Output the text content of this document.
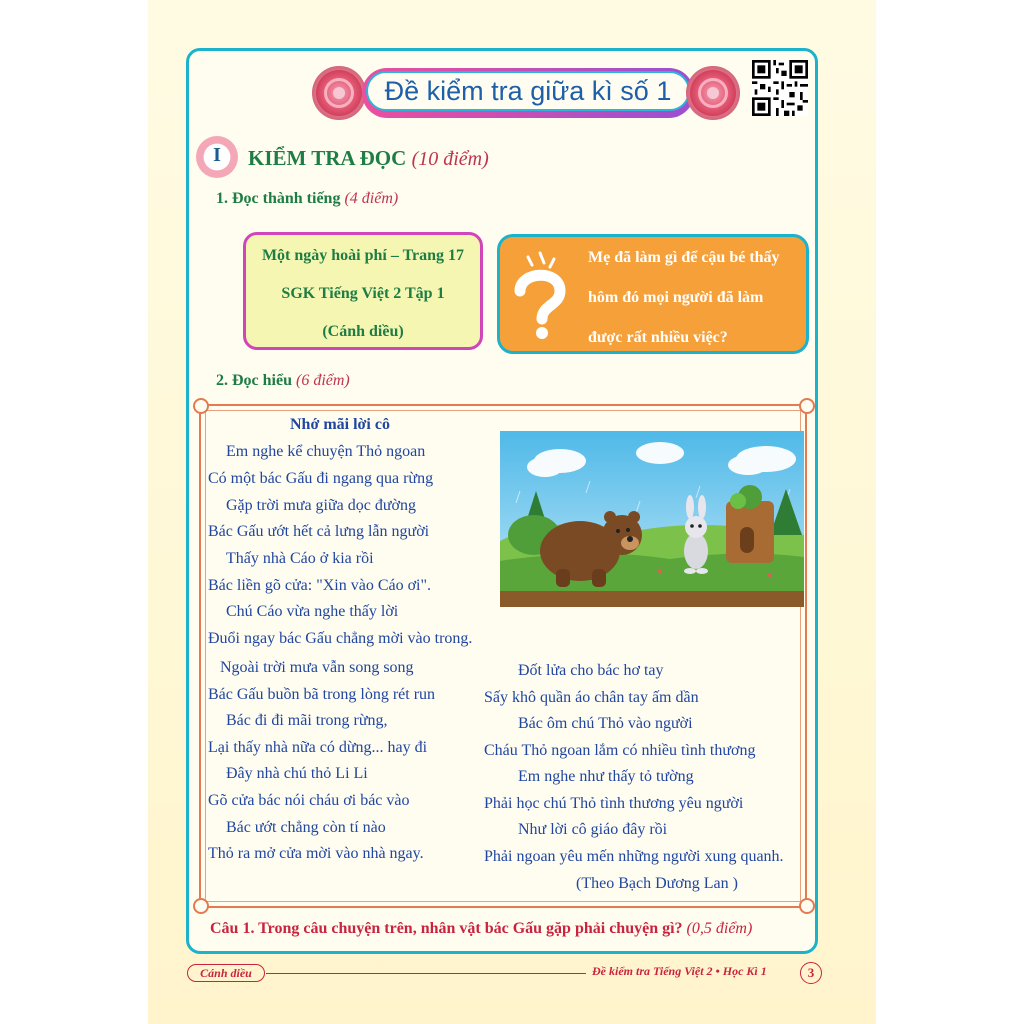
Đề kiểm tra giữa kì số 1
I	KIỂM TRA ĐỌC (10 điểm)
1. Đọc thành tiếng (4 điểm)
Một ngày hoài phí – Trang 17
SGK Tiếng Việt 2 Tập 1
(Cánh diều)
Mẹ đã làm gì để cậu bé thấy
hôm đó mọi người đã làm
được rất nhiều việc?
2. Đọc hiểu (6 điểm)
Nhớ mãi lời cô
Em nghe kể chuyện Thỏ ngoan
Có một bác Gấu đi ngang qua rừng
Gặp trời mưa giữa dọc đường
Bác Gấu ướt hết cả lưng lẫn người
Thấy nhà Cáo ở kia rồi
Bác liền gõ cửa: "Xin vào Cáo ơi".
Chú Cáo vừa nghe thấy lời
Đuổi ngay bác Gấu chẳng mời vào trong.
Ngoài trời mưa vẫn song song
Bác Gấu buồn bã trong lòng rét run
Bác đi đi mãi trong rừng,
Lại thấy nhà nữa có dừng... hay đi
Đây nhà chú thỏ Li Li
Gõ cửa bác nói cháu ơi bác vào
Bác ướt chẳng còn tí nào
Thỏ ra mở cửa mời vào nhà ngay.
Đốt lửa cho bác hơ tay
Sấy khô quần áo chân tay ấm dần
Bác ôm chú Thỏ vào người
Cháu Thỏ ngoan lắm có nhiều tình thương
Em nghe như thấy tỏ tường
Phải học chú Thỏ tình thương yêu người
Như lời cô giáo đây rồi
Phải ngoan yêu mến những người xung quanh.
(Theo Bạch Dương Lan )
Câu 1. Trong câu chuyện trên, nhân vật bác Gấu gặp phải chuyện gì? (0,5 điểm)
Cánh diều	Đề kiểm tra Tiếng Việt 2 • Học Kì 1	3
